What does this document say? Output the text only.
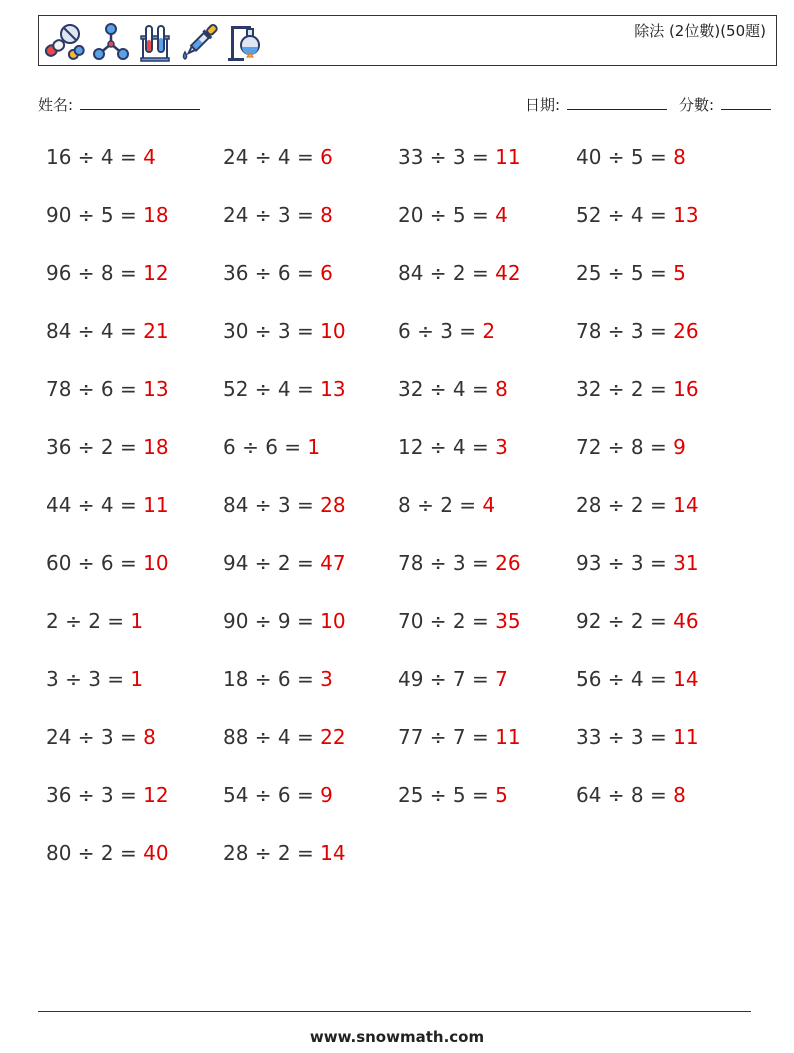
除法 (2位數)(50題)
姓名:	日期:	分數:
16 ÷ 4 = 4
90 ÷ 5 = 18
96 ÷ 8 = 12
84 ÷ 4 = 21
78 ÷ 6 = 13
36 ÷ 2 = 18
44 ÷ 4 = 11
60 ÷ 6 = 10
2 ÷ 2 = 1
3 ÷ 3 = 1
24 ÷ 3 = 8
36 ÷ 3 = 12
80 ÷ 2 = 40
24 ÷ 4 = 6
24 ÷ 3 = 8
36 ÷ 6 = 6
30 ÷ 3 = 10
52 ÷ 4 = 13
6 ÷ 6 = 1
84 ÷ 3 = 28
94 ÷ 2 = 47
90 ÷ 9 = 10
18 ÷ 6 = 3
88 ÷ 4 = 22
54 ÷ 6 = 9
28 ÷ 2 = 14
33 ÷ 3 = 11
20 ÷ 5 = 4
84 ÷ 2 = 42
6 ÷ 3 = 2
32 ÷ 4 = 8
12 ÷ 4 = 3
8 ÷ 2 = 4
78 ÷ 3 = 26
70 ÷ 2 = 35
49 ÷ 7 = 7
77 ÷ 7 = 11
25 ÷ 5 = 5
40 ÷ 5 = 8
52 ÷ 4 = 13
25 ÷ 5 = 5
78 ÷ 3 = 26
32 ÷ 2 = 16
72 ÷ 8 = 9
28 ÷ 2 = 14
93 ÷ 3 = 31
92 ÷ 2 = 46
56 ÷ 4 = 14
33 ÷ 3 = 11
64 ÷ 8 = 8
www.snowmath.com
